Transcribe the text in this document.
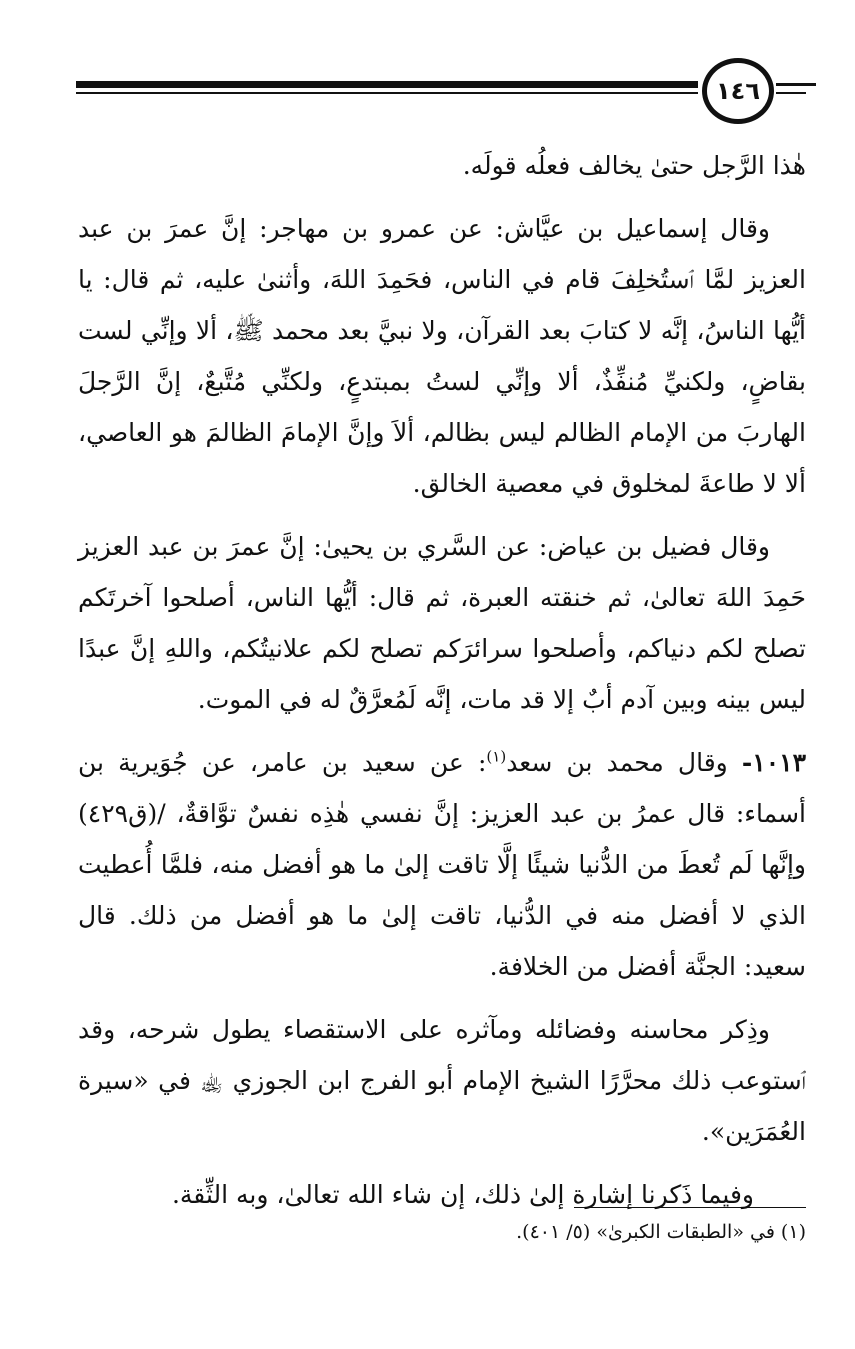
١٤٦

هٰذا الرَّجل حتىٰ يخالف فعلُه قولَه.

وقال إسماعيل بن عيَّاش: عن عمرو بن مهاجر: إنَّ عمرَ بن عبد العزيز لمَّا ٱستُخلِفَ قام في الناس، فحَمِدَ اللهَ، وأثنىٰ عليه، ثم قال: يا أيُّها الناسُ، إنَّه لا كتابَ بعد القرآن، ولا نبيَّ بعد محمد ﷺ، ألا وإنِّي لست بقاضٍ، ولكنيِّ مُنفِّذٌ، ألا وإنِّي لستُ بمبتدعٍ، ولكنِّي مُتَّبعٌ، إنَّ الرَّجلَ الهاربَ من الإمام الظالم ليس بظالم، ألاَ وإنَّ الإمامَ الظالمَ هو العاصي، ألا لا طاعةَ لمخلوق في معصية الخالق.

وقال فضيل بن عياض: عن السَّري بن يحيىٰ: إنَّ عمرَ بن عبد العزيز حَمِدَ اللهَ تعالىٰ، ثم خنقته العبرة، ثم قال: أيُّها الناس، أصلحوا آخرتَكم تصلح لكم دنياكم، وأصلحوا سرائرَكم تصلح لكم علانيتُكم، واللهِ إنَّ عبدًا ليس بينه وبين آدم أبٌ إلا قد مات، إنَّه لَمُعرَّقٌ له في الموت.

١٠١٣- وقال محمد بن سعد$^{(١)}$: عن سعيد بن عامر، عن جُوَيرية بن أسماء: قال عمرُ بن عبد العزيز: إنَّ نفسي هٰذِه نفسٌ توَّاقةٌ، /(ق٤٢٩) وإنَّها لَم تُعطَ من الدُّنيا شيئًا إلَّا تاقت إلىٰ ما هو أفضل منه، فلمَّا أُعطيت الذي لا أفضل منه في الدُّنيا، تاقت إلىٰ ما هو أفضل من ذلك. قال سعيد: الجنَّة أفضل من الخلافة.

وذِكر محاسنه وفضائله ومآثره على الاستقصاء يطول شرحه، وقد ٱستوعب ذلك محرَّرًا الشيخ الإمام أبو الفرج ابن الجوزي ﵀ في «سيرة العُمَرَين».

وفيما ذَكرنا إشارة إلىٰ ذلك، إن شاء الله تعالىٰ، وبه الثِّقة.

(١) في «الطبقات الكبرىٰ» (٥/ ٤٠١).
